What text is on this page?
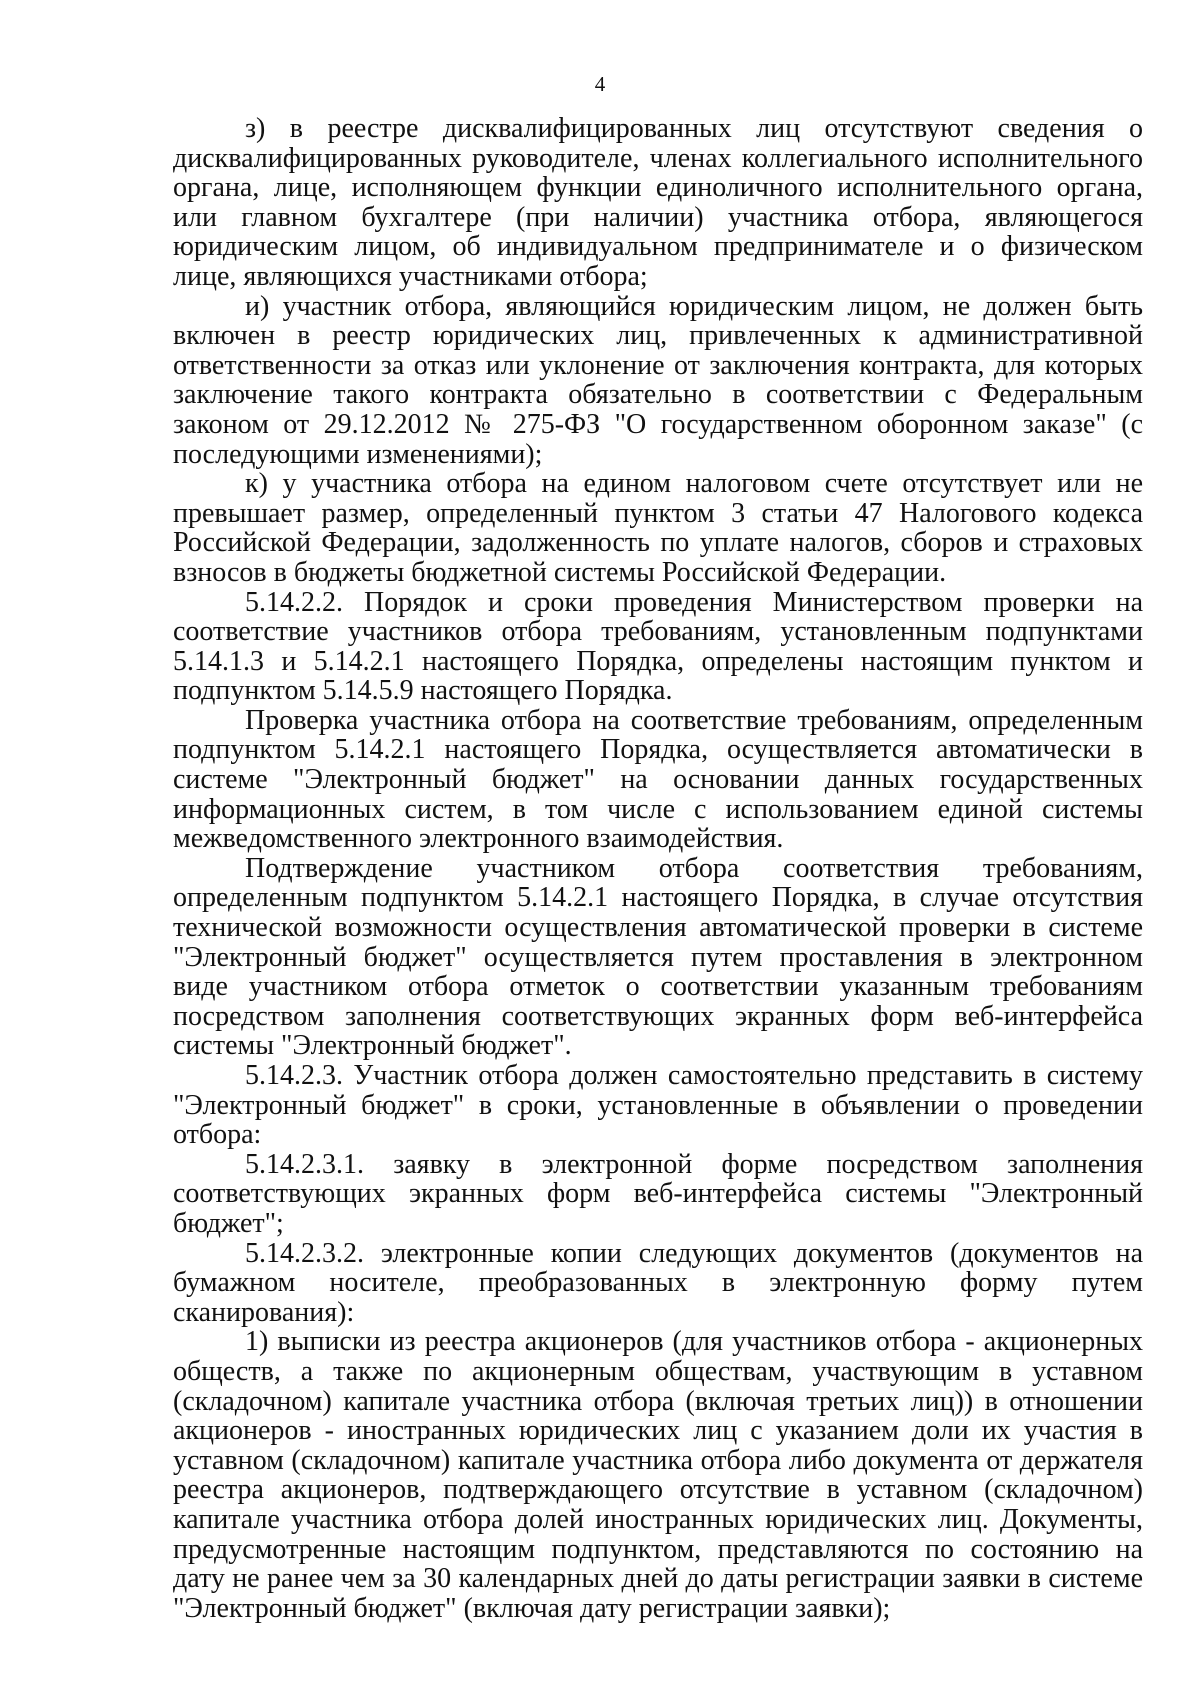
4

з) в реестре дисквалифицированных лиц отсутствуют сведения о дисквалифицированных руководителе, членах коллегиального исполнительного органа, лице, исполняющем функции единоличного исполнительного органа, или главном бухгалтере (при наличии) участника отбора, являющегося юридическим лицом, об индивидуальном предпринимателе и о физическом лице, являющихся участниками отбора;

и) участник отбора, являющийся юридическим лицом, не должен быть включен в реестр юридических лиц, привлеченных к административной ответственности за отказ или уклонение от заключения контракта, для которых заключение такого контракта обязательно в соответствии с Федеральным законом от 29.12.2012 № 275-ФЗ "О государственном оборонном заказе" (с последующими изменениями);

к) у участника отбора на едином налоговом счете отсутствует или не превышает размер, определенный пунктом 3 статьи 47 Налогового кодекса Российской Федерации, задолженность по уплате налогов, сборов и страховых взносов в бюджеты бюджетной системы Российской Федерации.

5.14.2.2. Порядок и сроки проведения Министерством проверки на соответствие участников отбора требованиям, установленным подпунктами 5.14.1.3 и 5.14.2.1 настоящего Порядка, определены настоящим пунктом и подпунктом 5.14.5.9 настоящего Порядка.

Проверка участника отбора на соответствие требованиям, определенным подпунктом 5.14.2.1 настоящего Порядка, осуществляется автоматически в системе "Электронный бюджет" на основании данных государственных информационных систем, в том числе с использованием единой системы межведомственного электронного взаимодействия.

Подтверждение участником отбора соответствия требованиям, определенным подпунктом 5.14.2.1 настоящего Порядка, в случае отсутствия технической возможности осуществления автоматической проверки в системе "Электронный бюджет" осуществляется путем проставления в электронном виде участником отбора отметок о соответствии указанным требованиям посредством заполнения соответствующих экранных форм веб-интерфейса системы "Электронный бюджет".

5.14.2.3. Участник отбора должен самостоятельно представить в систему "Электронный бюджет" в сроки, установленные в объявлении о проведении отбора:

5.14.2.3.1. заявку в электронной форме посредством заполнения соответствующих экранных форм веб-интерфейса системы "Электронный бюджет";

5.14.2.3.2. электронные копии следующих документов (документов на бумажном носителе, преобразованных в электронную форму путем сканирования):

1) выписки из реестра акционеров (для участников отбора - акционерных обществ, а также по акционерным обществам, участвующим в уставном (складочном) капитале участника отбора (включая третьих лиц)) в отношении акционеров - иностранных юридических лиц с указанием доли их участия в уставном (складочном) капитале участника отбора либо документа от держателя реестра акционеров, подтверждающего отсутствие в уставном (складочном) капитале участника отбора долей иностранных юридических лиц. Документы, предусмотренные настоящим подпунктом, представляются по состоянию на дату не ранее чем за 30 календарных дней до даты регистрации заявки в системе "Электронный бюджет" (включая дату регистрации заявки);
